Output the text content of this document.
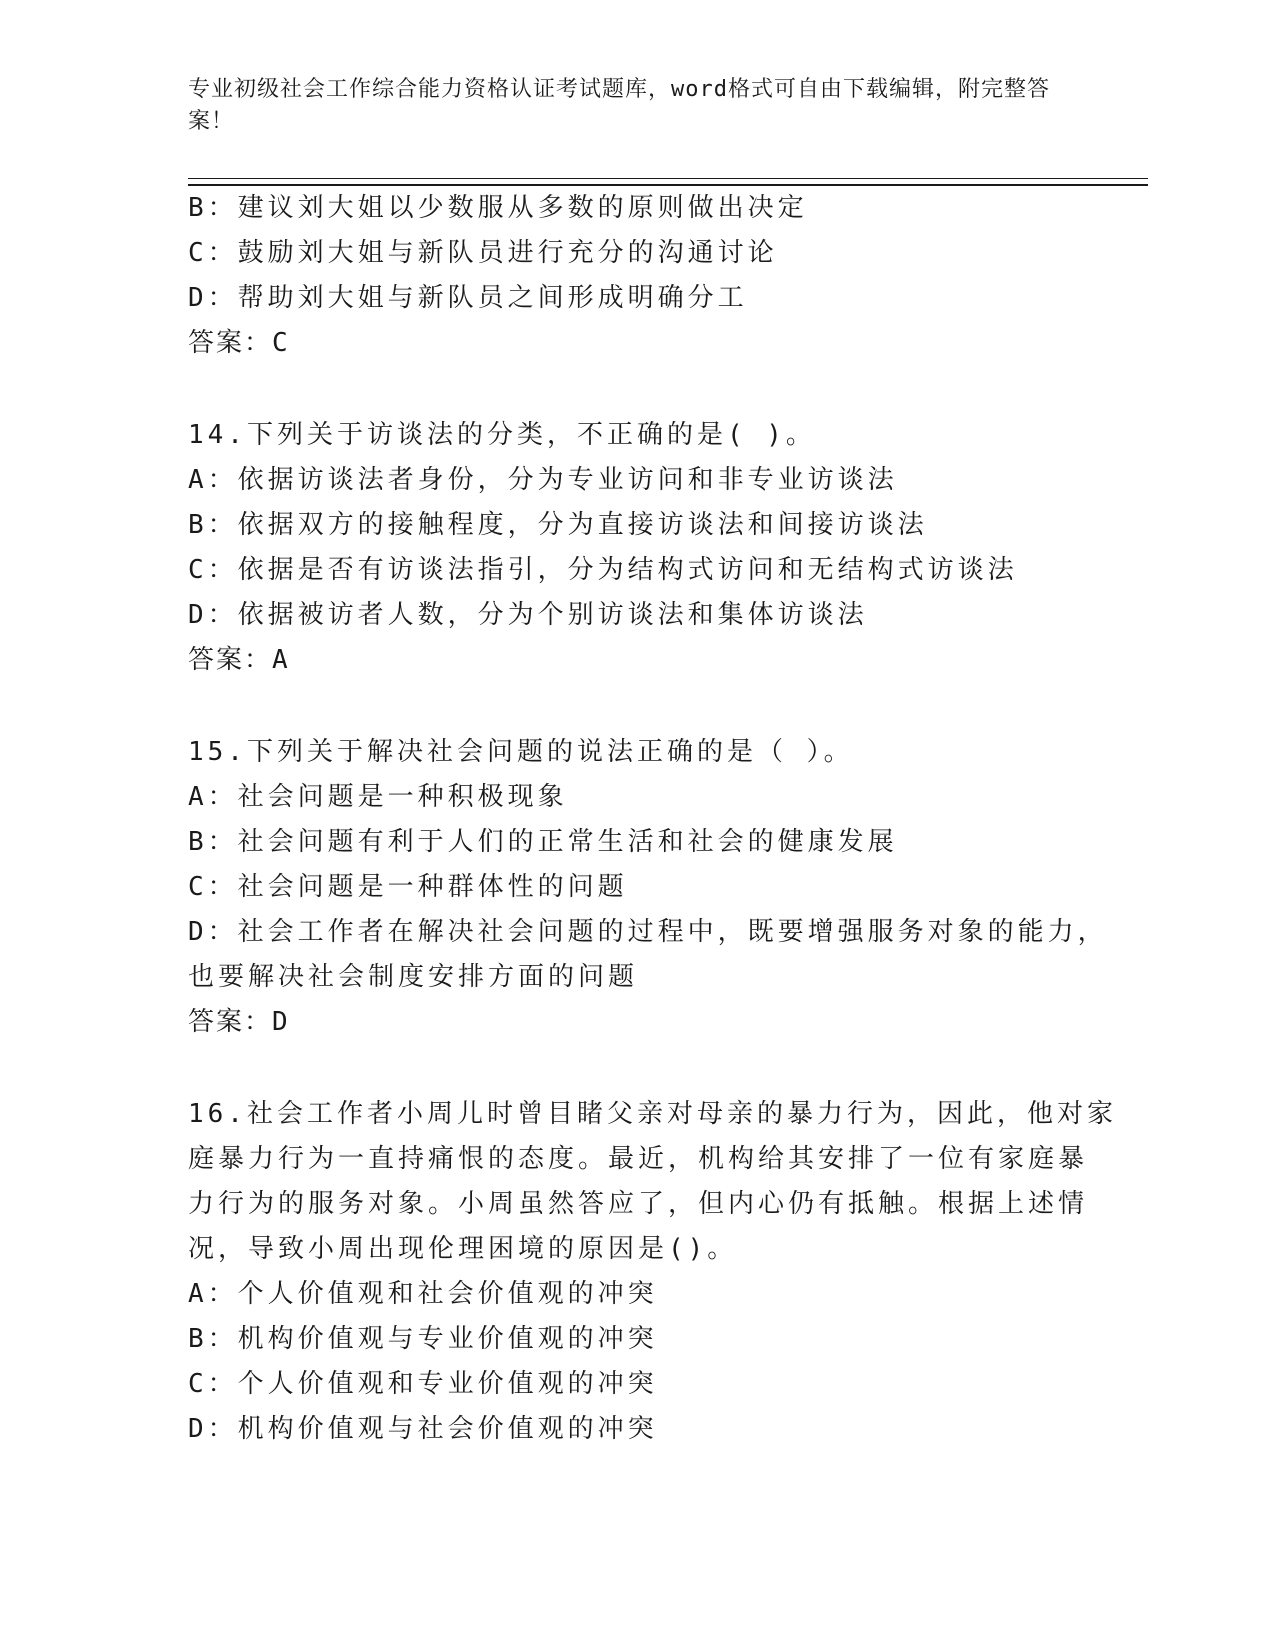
专业初级社会工作综合能力资格认证考试题库，word格式可自由下载编辑，附完整答案！
B：建议刘大姐以少数服从多数的原则做出决定
C：鼓励刘大姐与新队员进行充分的沟通讨论
D：帮助刘大姐与新队员之间形成明确分工
答案：C
14.下列关于访谈法的分类，不正确的是( )。
A：依据访谈法者身份，分为专业访问和非专业访谈法
B：依据双方的接触程度，分为直接访谈法和间接访谈法
C：依据是否有访谈法指引，分为结构式访问和无结构式访谈法
D：依据被访者人数，分为个别访谈法和集体访谈法
答案：A
15.下列关于解决社会问题的说法正确的是（ ）。
A：社会问题是一种积极现象
B：社会问题有利于人们的正常生活和社会的健康发展
C：社会问题是一种群体性的问题
D：社会工作者在解决社会问题的过程中，既要增强服务对象的能力，
也要解决社会制度安排方面的问题
答案：D
16.社会工作者小周儿时曾目睹父亲对母亲的暴力行为，因此，他对家
庭暴力行为一直持痛恨的态度。最近，机构给其安排了一位有家庭暴
力行为的服务对象。小周虽然答应了，但内心仍有抵触。根据上述情
况，导致小周出现伦理困境的原因是()。
A：个人价值观和社会价值观的冲突
B：机构价值观与专业价值观的冲突
C：个人价值观和专业价值观的冲突
D：机构价值观与社会价值观的冲突
